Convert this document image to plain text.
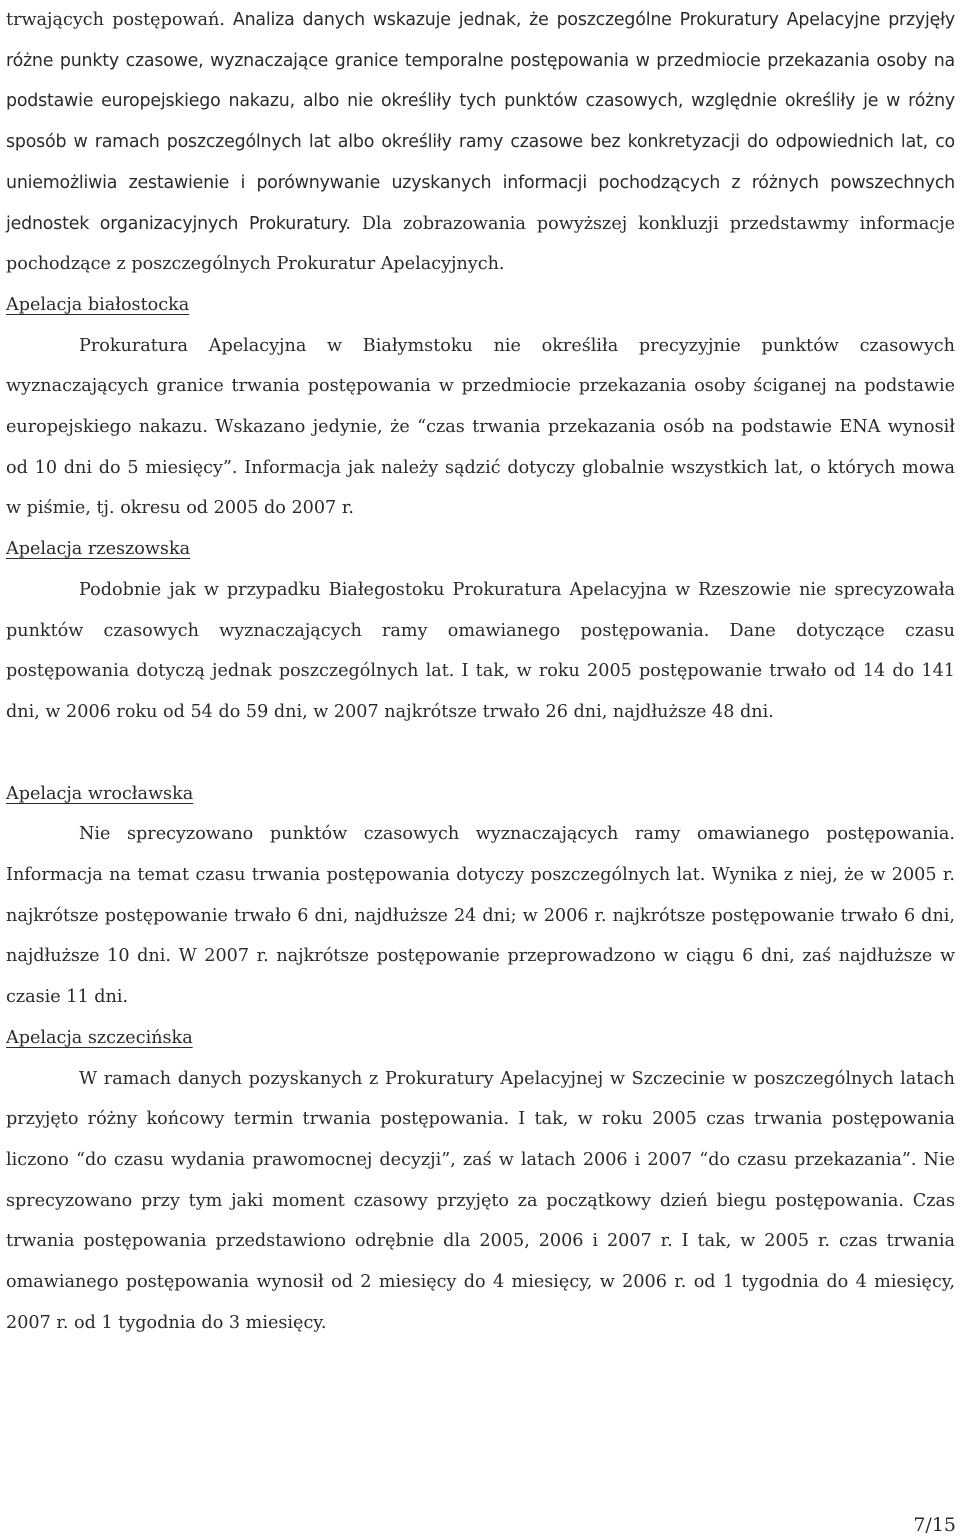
trwających postępowań. Analiza danych wskazuje jednak, że poszczególne Prokuratury Apelacyjne przyjęły różne punkty czasowe, wyznaczające granice temporalne postępowania w przedmiocie przekazania osoby na podstawie europejskiego nakazu, albo nie określiły tych punktów czasowych, względnie określiły je w różny sposób w ramach poszczególnych lat albo określiły ramy czasowe bez konkretyzacji do odpowiednich lat, co uniemożliwia zestawienie i porównywanie uzyskanych informacji pochodzących z różnych powszechnych jednostek organizacyjnych Prokuratury. Dla zobrazowania powyższej konkluzji przedstawmy informacje pochodzące z poszczególnych Prokuratur Apelacyjnych.

Apelacja białostocka

Prokuratura Apelacyjna w Białymstoku nie określiła precyzyjnie punktów czasowych wyznaczających granice trwania postępowania w przedmiocie przekazania osoby ściganej na podstawie europejskiego nakazu. Wskazano jedynie, że “czas trwania przekazania osób na podstawie ENA wynosił od 10 dni do 5 miesięcy”. Informacja jak należy sądzić dotyczy globalnie wszystkich lat, o których mowa w piśmie, tj. okresu od 2005 do 2007 r.

Apelacja rzeszowska

Podobnie jak w przypadku Białegostoku Prokuratura Apelacyjna w Rzeszowie nie sprecyzowała punktów czasowych wyznaczających ramy omawianego postępowania. Dane dotyczące czasu postępowania dotyczą jednak poszczególnych lat. I tak, w roku 2005 postępowanie trwało od 14 do 141 dni, w 2006 roku od 54 do 59 dni, w 2007 najkrótsze trwało 26 dni, najdłuższe 48 dni.

Apelacja wrocławska

Nie sprecyzowano punktów czasowych wyznaczających ramy omawianego postępowania. Informacja na temat czasu trwania postępowania dotyczy poszczególnych lat. Wynika z niej, że w 2005 r. najkrótsze postępowanie trwało 6 dni, najdłuższe 24 dni; w 2006 r. najkrótsze postępowanie trwało 6 dni, najdłuższe 10 dni. W 2007 r. najkrótsze postępowanie przeprowadzono w ciągu 6 dni, zaś najdłuższe w czasie 11 dni.

Apelacja szczecińska

W ramach danych pozyskanych z Prokuratury Apelacyjnej w Szczecinie w poszczególnych latach przyjęto różny końcowy termin trwania postępowania. I tak, w roku 2005 czas trwania postępowania liczono “do czasu wydania prawomocnej decyzji”, zaś w latach 2006 i 2007 “do czasu przekazania”. Nie sprecyzowano przy tym jaki moment czasowy przyjęto za początkowy dzień biegu postępowania. Czas trwania postępowania przedstawiono odrębnie dla 2005, 2006 i 2007 r. I tak, w 2005 r. czas trwania omawianego postępowania wynosił od 2 miesięcy do 4 miesięcy, w 2006 r. od 1 tygodnia do 4 miesięcy, 2007 r. od 1 tygodnia do 3 miesięcy.

7/15
